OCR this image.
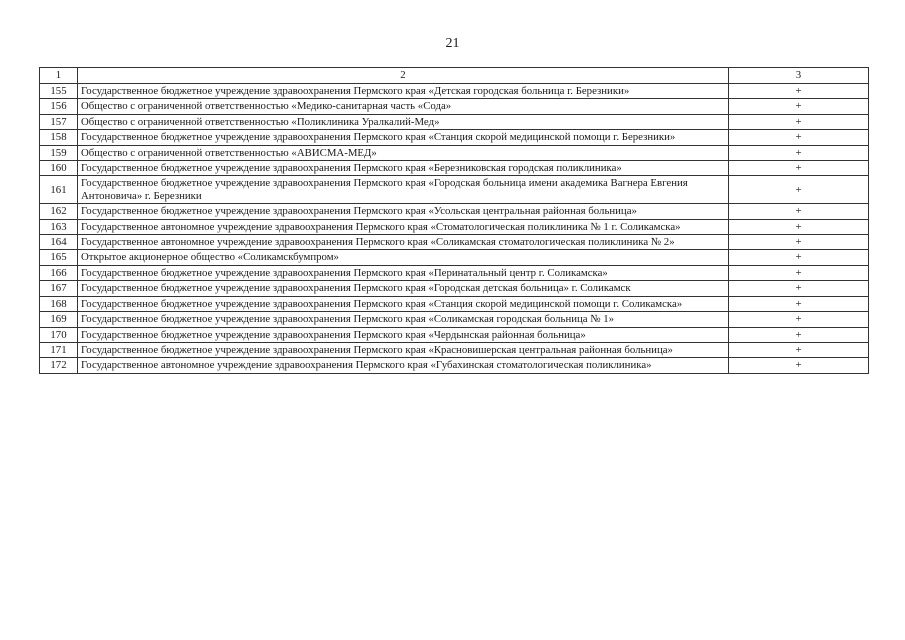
21
1	2	3
155	Государственное бюджетное учреждение здравоохранения Пермского края «Детская городская больница г. Березники»	+
156	Общество с ограниченной ответственностью «Медико-санитарная часть «Сода»	+
157	Общество с ограниченной ответственностью «Поликлиника Уралкалий-Мед»	+
158	Государственное бюджетное учреждение здравоохранения Пермского края «Станция скорой медицинской помощи г. Березники»	+
159	Общество с ограниченной ответственностью «АВИСМА-МЕД»	+
160	Государственное бюджетное учреждение здравоохранения Пермского края «Березниковская городская поликлиника»	+
161	Государственное бюджетное учреждение здравоохранения Пермского края «Городская больница имени академика Вагнера Евгения Антоновича» г. Березники	+
162	Государственное бюджетное учреждение здравоохранения Пермского края «Усольская центральная районная больница»	+
163	Государственное автономное учреждение здравоохранения Пермского края «Стоматологическая поликлиника № 1 г. Соликамска»	+
164	Государственное автономное учреждение здравоохранения Пермского края «Соликамская стоматологическая поликлиника № 2»	+
165	Открытое акционерное общество «Соликамскбумпром»	+
166	Государственное бюджетное учреждение здравоохранения Пермского края «Перинатальный центр г. Соликамска»	+
167	Государственное бюджетное учреждение здравоохранения Пермского края «Городская детская больница» г. Соликамск	+
168	Государственное бюджетное учреждение здравоохранения Пермского края «Станция скорой медицинской помощи г. Соликамска»	+
169	Государственное бюджетное учреждение здравоохранения Пермского края «Соликамская городская больница № 1»	+
170	Государственное бюджетное учреждение здравоохранения Пермского края «Чердынская районная больница»	+
171	Государственное бюджетное учреждение здравоохранения Пермского края «Красновишерская центральная районная больница»	+
172	Государственное автономное учреждение здравоохранения Пермского края «Губахинская стоматологическая поликлиника»	+
